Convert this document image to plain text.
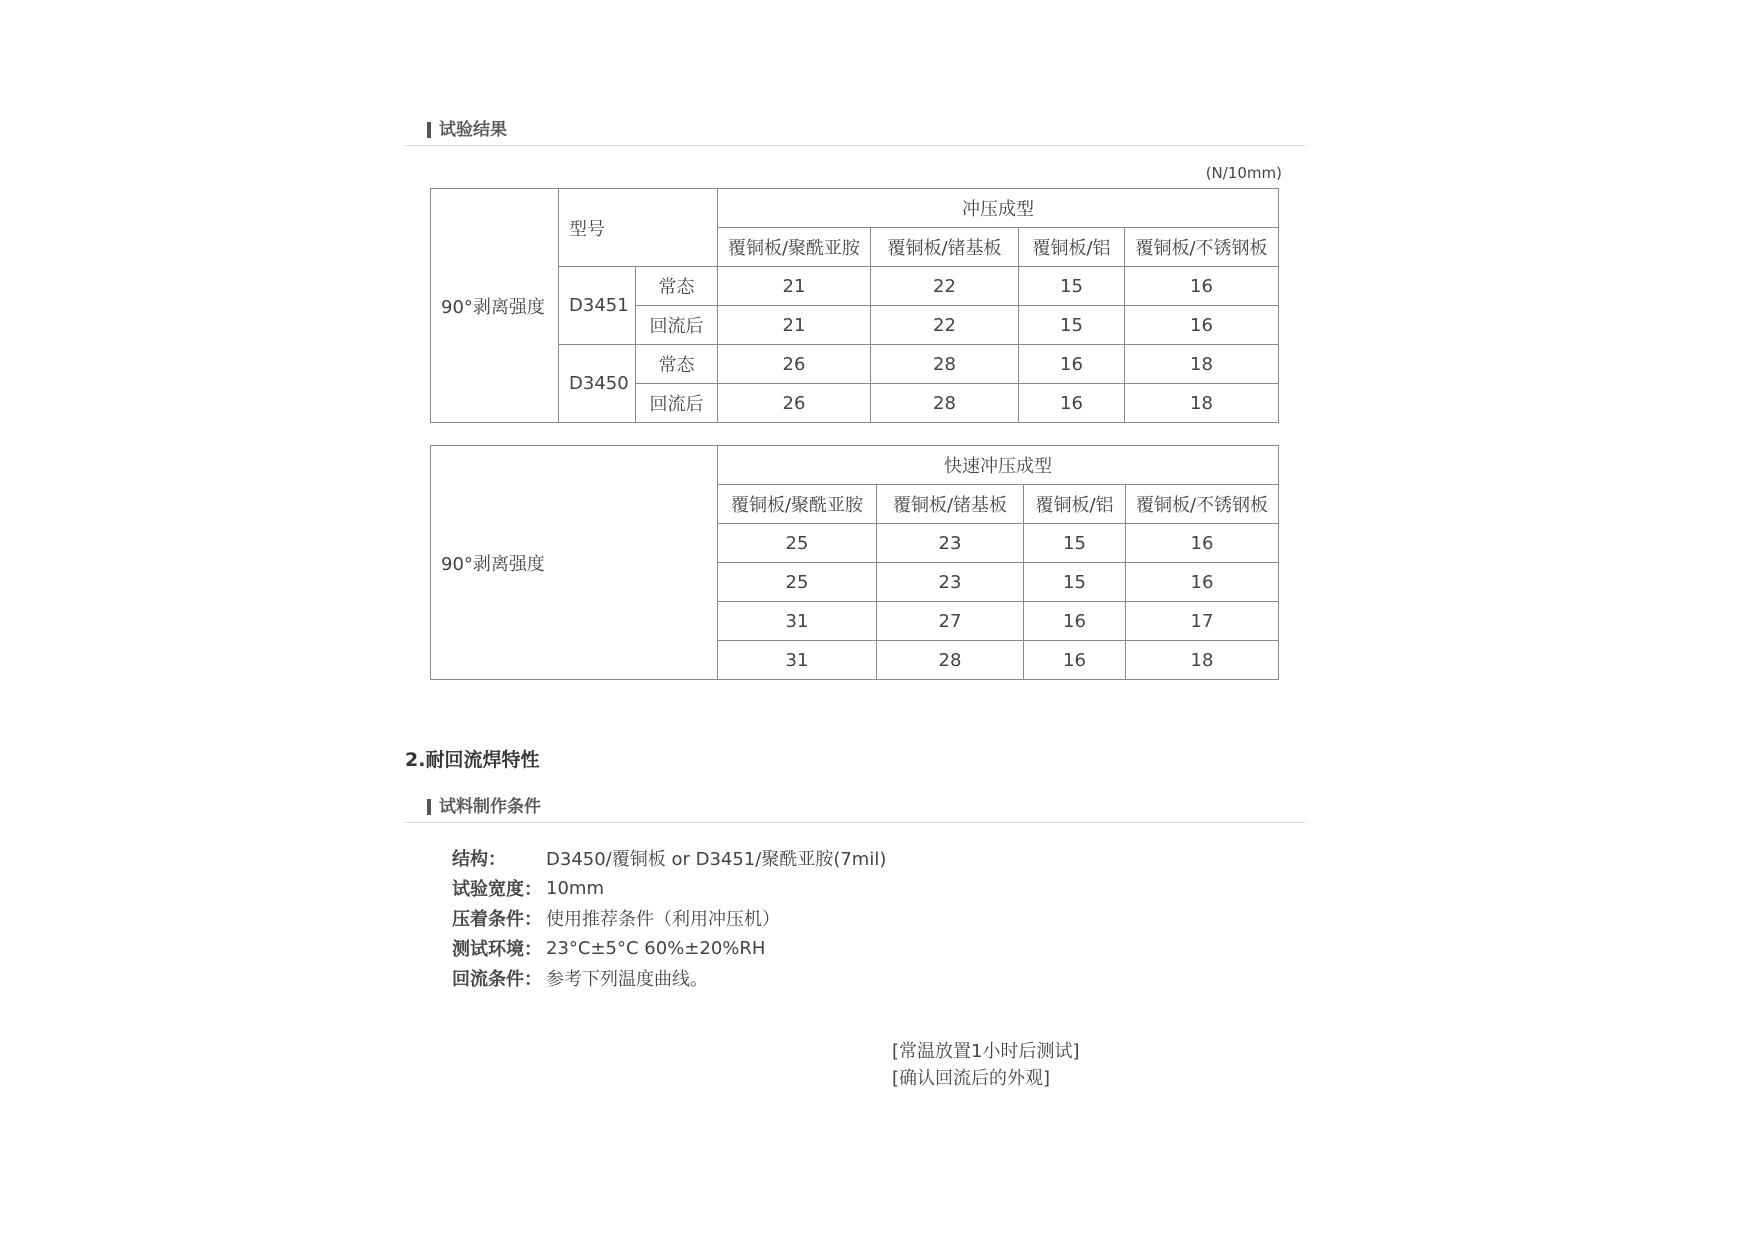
试验结果
(N/10mm)
90°剥离强度	型号		冲压成型			
			覆铜板/聚酰亚胺	覆铜板/锗基板	覆铜板/铝	覆铜板/不锈钢板
	D3451	常态	21	22	15	16
		回流后	21	22	15	16
	D3450	常态	26	28	16	18
		回流后	26	28	16	18
90°剥离强度	快速冲压成型			
	覆铜板/聚酰亚胺	覆铜板/锗基板	覆铜板/铝	覆铜板/不锈钢板
	25	23	15	16
	25	23	15	16
	31	27	16	17
	31	28	16	18
2.耐回流焊特性
试料制作条件
结构：	D3450/覆铜板 or D3451/聚酰亚胺(7mil)
试验宽度： 10mm
压着条件： 使用推荐条件（利用冲压机）
测试环境： 23°C±5°C 60%±20%RH
回流条件： 参考下列温度曲线。
[常温放置1小时后测试]
[确认回流后的外观]
